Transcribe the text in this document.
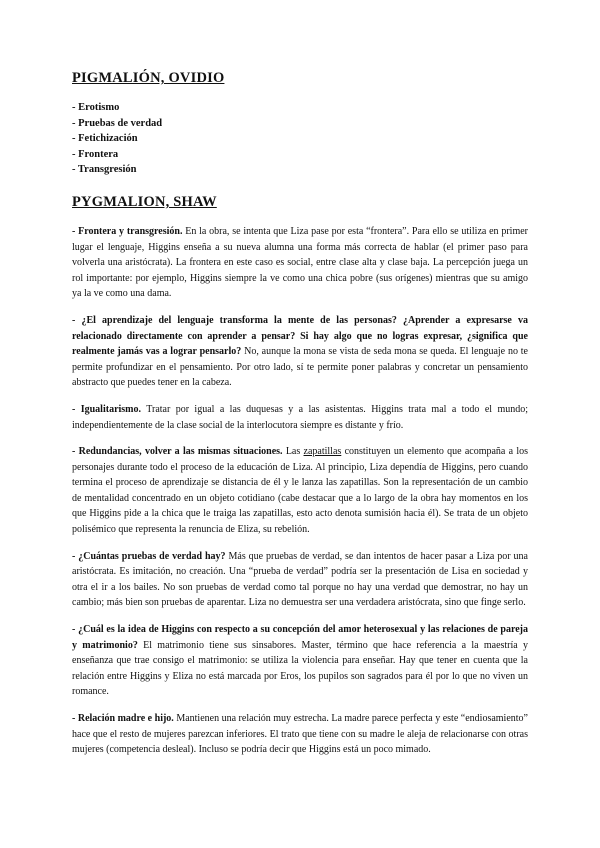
PIGMALIÓN, OVIDIO
- Erotismo
- Pruebas de verdad
- Fetichización
- Frontera
- Transgresión
PYGMALION, SHAW

- Frontera y transgresión. En la obra, se intenta que Liza pase por esta “frontera”. Para ello se utiliza en primer lugar el lenguaje, Higgins enseña a su nueva alumna una forma más correcta de hablar (el primer paso para volverla una aristócrata). La frontera en este caso es social, entre clase alta y clase baja. La percepción juega un rol importante: por ejemplo, Higgins siempre la ve como una chica pobre (sus orígenes) mientras que su amigo ya la ve como una dama.

- ¿El aprendizaje del lenguaje transforma la mente de las personas? ¿Aprender a expresarse va relacionado directamente con aprender a pensar? Si hay algo que no logras expresar, ¿significa que realmente jamás vas a lograr pensarlo? No, aunque la mona se vista de seda mona se queda. El lenguaje no te permite profundizar en el pensamiento. Por otro lado, sí te permite poner palabras y concretar un pensamiento abstracto que puedes tener en la cabeza.

- Igualitarismo. Tratar por igual a las duquesas y a las asistentas. Higgins trata mal a todo el mundo; independientemente de la clase social de la interlocutora siempre es distante y frío.

- Redundancias, volver a las mismas situaciones. Las zapatillas constituyen un elemento que acompaña a los personajes durante todo el proceso de la educación de Liza. Al principio, Liza dependía de Higgins, pero cuando termina el proceso de aprendizaje se distancia de él y le lanza las zapatillas. Son la representación de un cambio de mentalidad concentrado en un objeto cotidiano (cabe destacar que a lo largo de la obra hay momentos en los que Higgins pide a la chica que le traiga las zapatillas, esto acto denota sumisión hacia él). Se trata de un objeto polisémico que representa la renuncia de Eliza, su rebelión.

- ¿Cuántas pruebas de verdad hay? Más que pruebas de verdad, se dan intentos de hacer pasar a Liza por una aristócrata. Es imitación, no creación. Una “prueba de verdad” podría ser la presentación de Lisa en sociedad y otra el ir a los bailes. No son pruebas de verdad como tal porque no hay una verdad que demostrar, no hay un cambio; más bien son pruebas de aparentar. Liza no demuestra ser una verdadera aristócrata, sino que finge serlo.

- ¿Cuál es la idea de Higgins con respecto a su concepción del amor heterosexual y las relaciones de pareja y matrimonio? El matrimonio tiene sus sinsabores. Master, término que hace referencia a la maestría y enseñanza que trae consigo el matrimonio: se utiliza la violencia para enseñar. Hay que tener en cuenta que la relación entre Higgins y Eliza no está marcada por Eros, los pupilos son sagrados para él por lo que no viven un romance.

- Relación madre e hijo. Mantienen una relación muy estrecha. La madre parece perfecta y este “endiosamiento” hace que el resto de mujeres parezcan inferiores. El trato que tiene con su madre le aleja de relacionarse con otras mujeres (competencia desleal). Incluso se podría decir que Higgins está un poco mimado.
